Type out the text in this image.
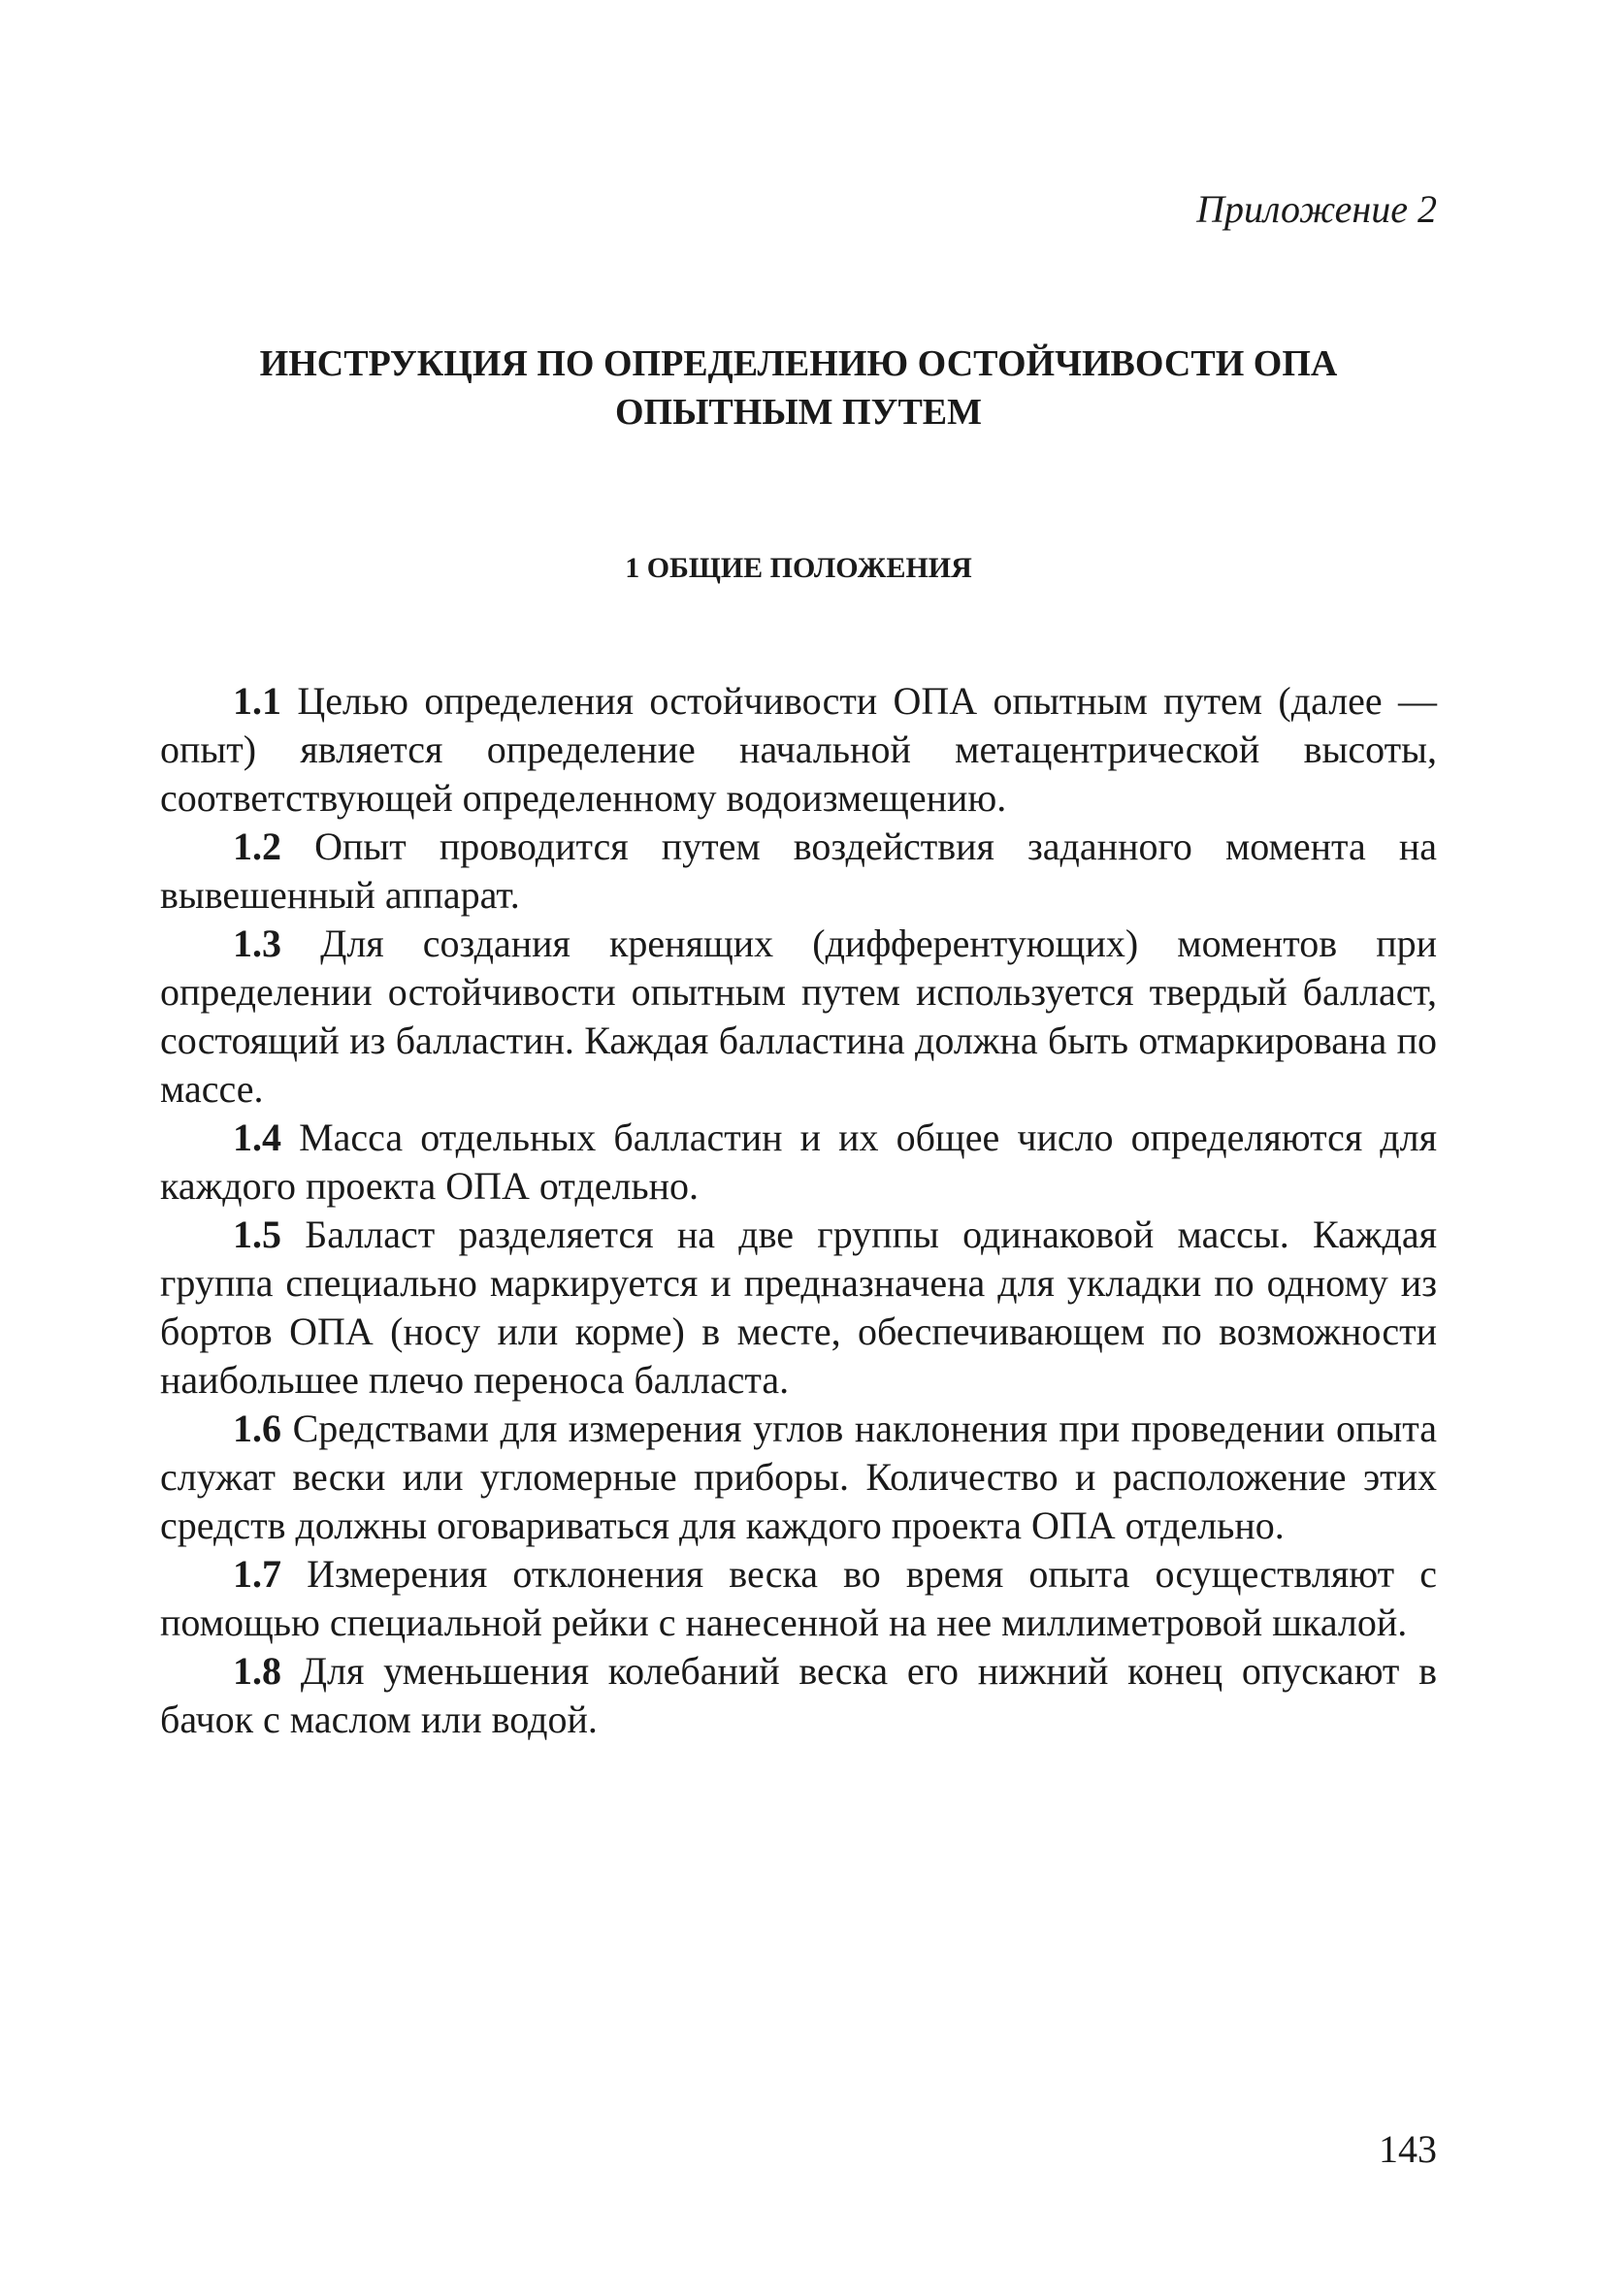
Приложение 2
ИНСТРУКЦИЯ ПО ОПРЕДЕЛЕНИЮ ОСТОЙЧИВОСТИ ОПА
ОПЫТНЫМ ПУТЕМ
1 ОБЩИЕ ПОЛОЖЕНИЯ

1.1 Целью определения остойчивости ОПА опытным путем (далее — опыт) является определение начальной метацентрической высоты, соответствующей определенному водоизмещению.

1.2 Опыт проводится путем воздействия заданного момента на вывешенный аппарат.

1.3 Для создания кренящих (дифферентующих) моментов при определении остойчивости опытным путем используется твердый балласт, состоящий из балластин. Каждая балластина должна быть отмаркирована по массе.

1.4 Масса отдельных балластин и их общее число определяются для каждого проекта ОПА отдельно.

1.5 Балласт разделяется на две группы одинаковой массы. Каждая группа специально маркируется и предназначена для укладки по одному из бортов ОПА (носу или корме) в месте, обеспечивающем по возможности наибольшее плечо переноса балласта.

1.6 Средствами для измерения углов наклонения при проведении опыта служат вески или угломерные приборы. Количество и расположение этих средств должны оговариваться для каждого проекта ОПА отдельно.

1.7 Измерения отклонения веска во время опыта осуществляют с помощью специальной рейки с нанесенной на нее миллиметровой шкалой.

1.8 Для уменьшения колебаний веска его нижний конец опускают в бачок с маслом или водой.

143
